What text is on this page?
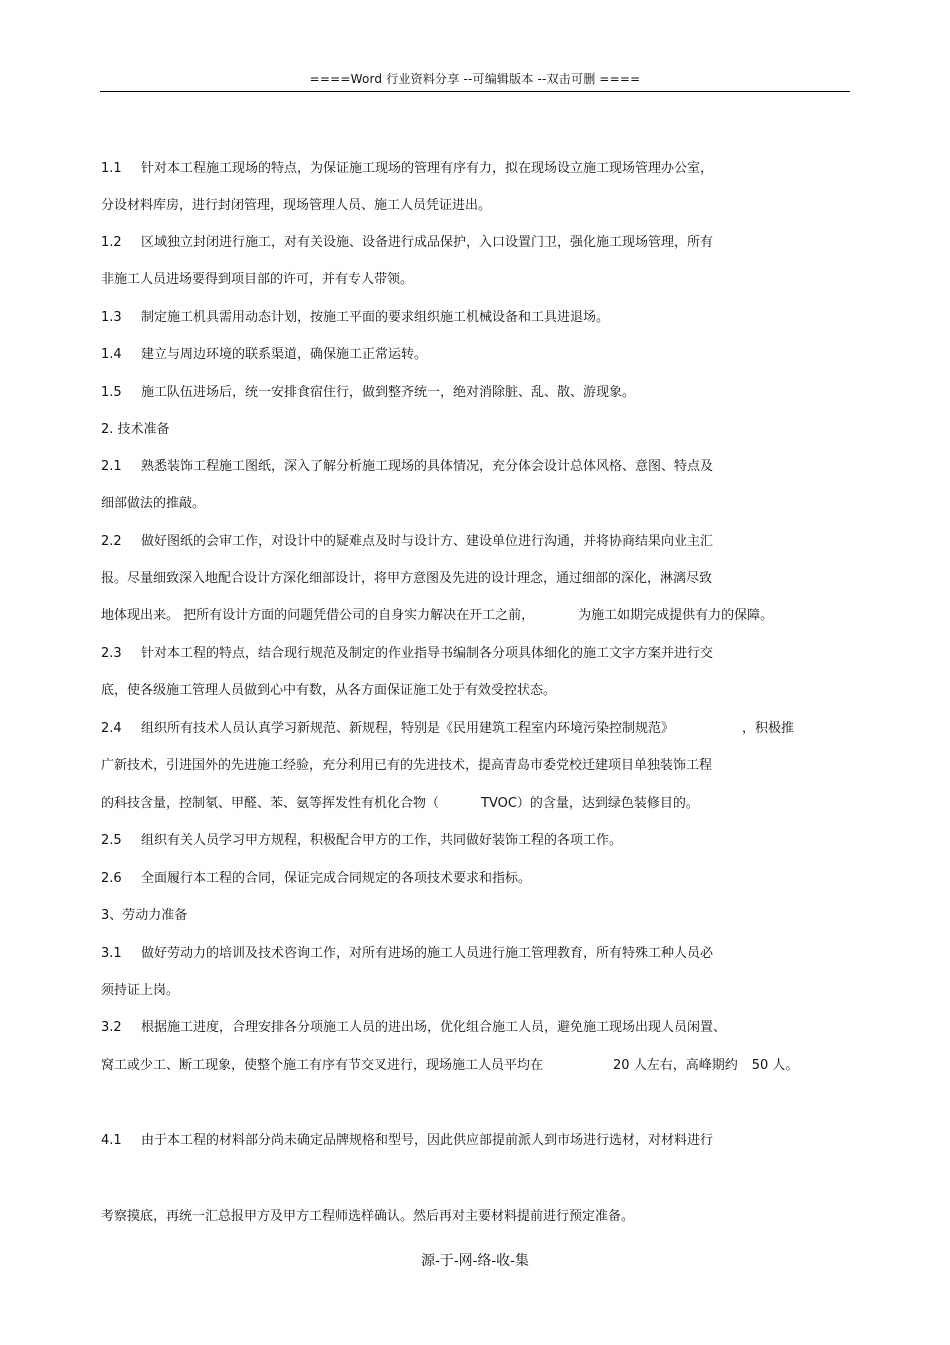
====Word 行业资料分享 --可编辑版本 --双击可删 ====
1.1 针对本工程施工现场的特点，为保证施工现场的管理有序有力，拟在现场设立施工现场管理办公室，
分设材料库房，进行封闭管理，现场管理人员、施工人员凭证进出。
1.2 区域独立封闭进行施工，对有关设施、设备进行成品保护，入口设置门卫，强化施工现场管理，所有
非施工人员进场要得到项目部的许可，并有专人带领。
1.3 制定施工机具需用动态计划，按施工平面的要求组织施工机械设备和工具进退场。
1.4 建立与周边环境的联系渠道，确保施工正常运转。
1.5 施工队伍进场后，统一安排食宿住行，做到整齐统一，绝对消除脏、乱、散、游现象。
2. 技术准备
2.1 熟悉装饰工程施工图纸，深入了解分析施工现场的具体情况，充分体会设计总体风格、意图、特点及
细部做法的推敲。
2.2 做好图纸的会审工作，对设计中的疑难点及时与设计方、建设单位进行沟通，并将协商结果向业主汇
报。尽量细致深入地配合设计方深化细部设计，将甲方意图及先进的设计理念，通过细部的深化，淋漓尽致
地体现出来。 把所有设计方面的问题凭借公司的自身实力解决在开工之前，	为施工如期完成提供有力的保障。
2.3 针对本工程的特点，结合现行规范及制定的作业指导书编制各分项具体细化的施工文字方案并进行交
底，使各级施工管理人员做到心中有数，从各方面保证施工处于有效受控状态。
2.4 组织所有技术人员认真学习新规范、新规程，特别是《民用建筑工程室内环境污染控制规范》	，积极推
广新技术，引进国外的先进施工经验，充分利用已有的先进技术，提高青岛市委党校迁建项目单独装饰工程
的科技含量，控制氡、甲醛、苯、氨等挥发性有机化合物（	TVOC）的含量，达到绿色装修目的。
2.5 组织有关人员学习甲方规程，积极配合甲方的工作，共同做好装饰工程的各项工作。
2.6 全面履行本工程的合同，保证完成合同规定的各项技术要求和指标。
3、劳动力准备
3.1 做好劳动力的培训及技术咨询工作，对所有进场的施工人员进行施工管理教育，所有特殊工种人员必
须持证上岗。
3.2 根据施工进度，合理安排各分项施工人员的进出场，优化组合施工人员，避免施工现场出现人员闲置、
窝工或少工、断工现象，使整个施工有序有节交叉进行，现场施工人员平均在	20 人左右，高峰期约 50 人。
4.1 由于本工程的材料部分尚未确定品牌规格和型号，因此供应部提前派人到市场进行选材，对材料进行
考察摸底，再统一汇总报甲方及甲方工程师选样确认。然后再对主要材料提前进行预定准备。
源-于-网-络-收-集
